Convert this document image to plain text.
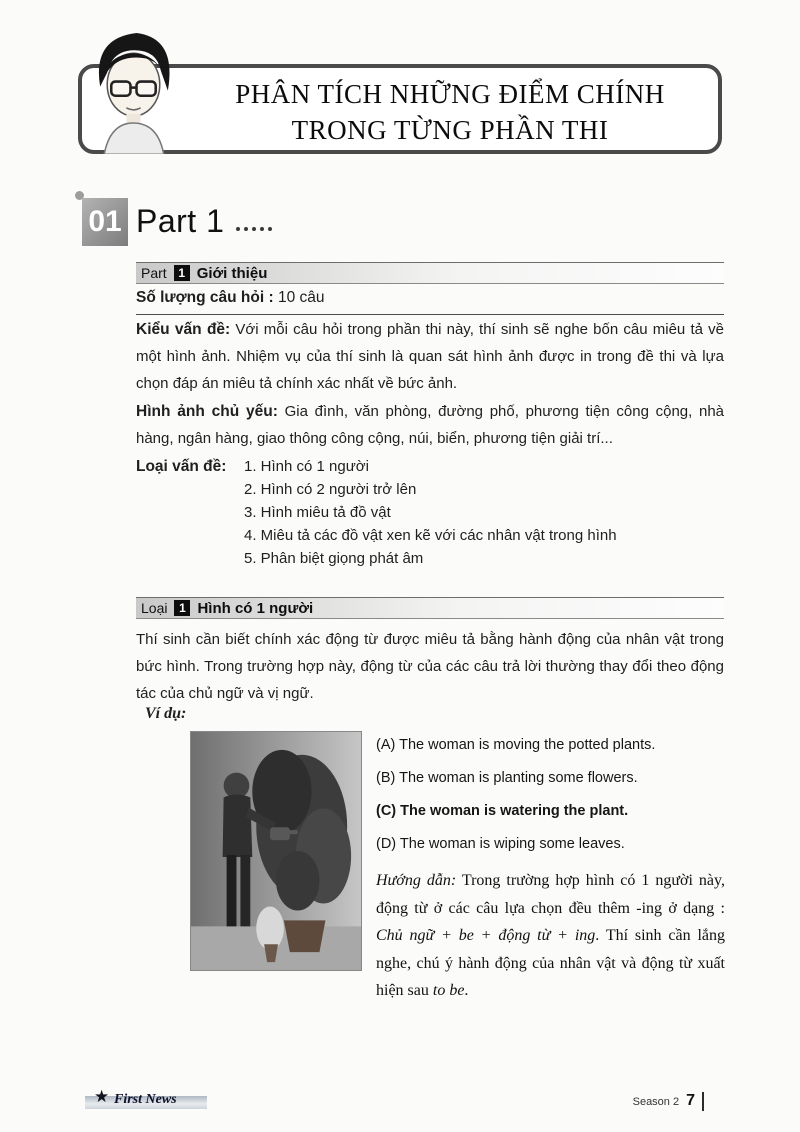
PHÂN TÍCH NHỮNG ĐIỂM CHÍNH
TRONG TỪNG PHẦN THI
01 Part 1
Part 1 Giới thiệu
Số lượng câu hỏi : 10 câu
Kiểu vấn đề: Với mỗi câu hỏi trong phần thi này, thí sinh sẽ nghe bốn câu miêu tả về một hình ảnh. Nhiệm vụ của thí sinh là quan sát hình ảnh được in trong đề thi và lựa chọn đáp án miêu tả chính xác nhất về bức ảnh.
Hình ảnh chủ yếu: Gia đình, văn phòng, đường phố, phương tiện công cộng, nhà hàng, ngân hàng, giao thông công cộng, núi, biển, phương tiện giải trí...
Loại vấn đề:	1. Hình có 1 người
2. Hình có 2 người trở lên
3. Hình miêu tả đồ vật
4. Miêu tả các đồ vật xen kẽ với các nhân vật trong hình
5. Phân biệt giọng phát âm
Loại 1 Hình có 1 người
Thí sinh cần biết chính xác động từ được miêu tả bằng hành động của nhân vật trong bức hình. Trong trường hợp này, động từ của các câu trả lời thường thay đổi theo động tác của chủ ngữ và vị ngữ.
Ví dụ:
(A) The woman is moving the potted plants.
(B) The woman is planting some flowers.
(C) The woman is watering the plant.
(D) The woman is wiping some leaves.

Hướng dẫn: Trong trường hợp hình có 1 người này, động từ ở các câu lựa chọn đều thêm -ing ở dạng : Chủ ngữ + be + động từ + ing. Thí sinh cần lắng nghe, chú ý hành động của nhân vật và động từ xuất hiện sau to be.

★ First News	Season 2 7
